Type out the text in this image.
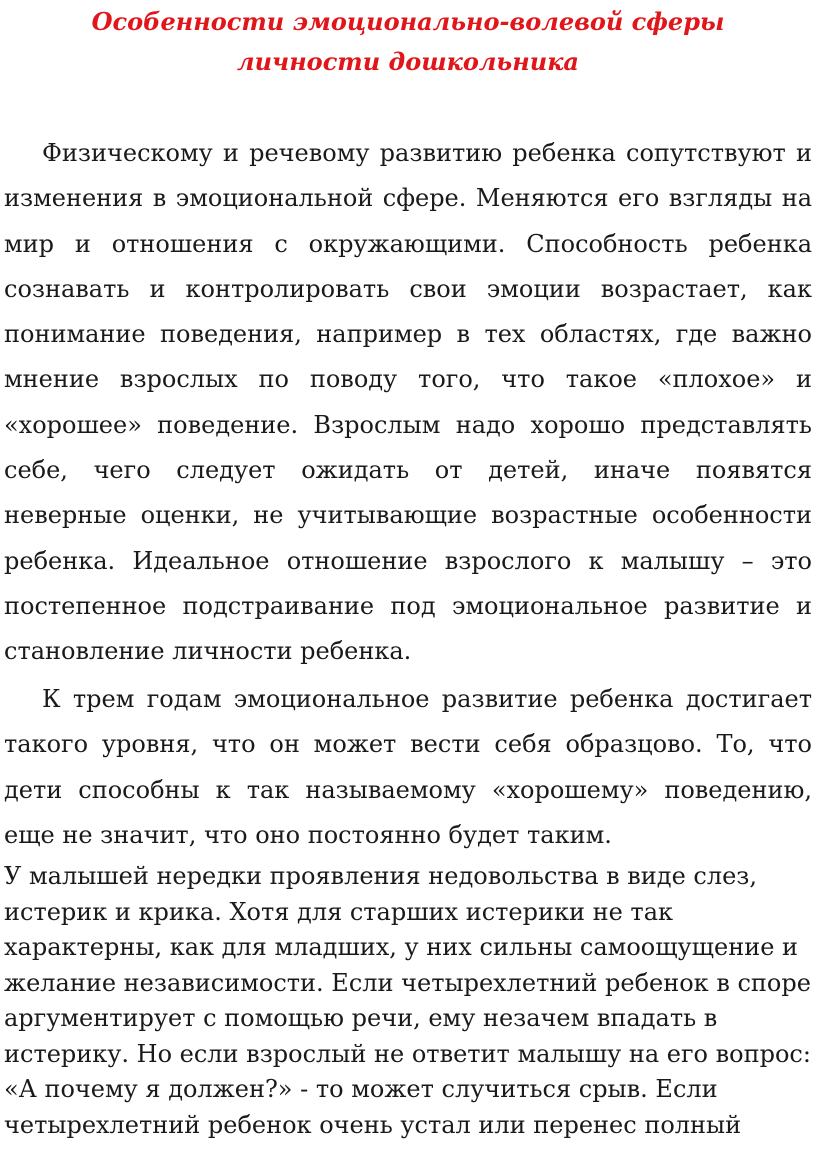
Особенности эмоционально-волевой сферы
личности дошкольника

Физическому и речевому развитию ребенка сопутствуют и изменения в эмоциональной сфере. Меняются его взгляды на мир и отношения с окружающими. Способность ребенка сознавать и контролировать свои эмоции возрастает, как понимание поведения, например в тех областях, где важно мнение взрослых по поводу того, что такое «плохое» и «хорошее» поведение. Взрослым надо хорошо представлять себе, чего следует ожидать от детей, иначе появятся неверные оценки, не учитывающие возрастные особенности ребенка. Идеальное отношение взрослого к малышу – это постепенное подстраивание под эмоциональное развитие и становление личности ребенка.

К трем годам эмоциональное развитие ребенка достигает такого уровня, что он может вести себя образцово. То, что дети способны к так называемому «хорошему» поведению, еще не значит, что оно постоянно будет таким.

У малышей нередки проявления недовольства в виде слез, истерик и крика. Хотя для старших истерики не так характерны, как для младших, у них сильны самоощущение и желание независимости. Если четырехлетний ребенок в споре аргументирует с помощью речи, ему незачем впадать в истерику. Но если взрослый не ответит малышу на его вопрос: «А почему я должен?» - то может случиться срыв. Если четырехлетний ребенок очень устал или перенес полный
